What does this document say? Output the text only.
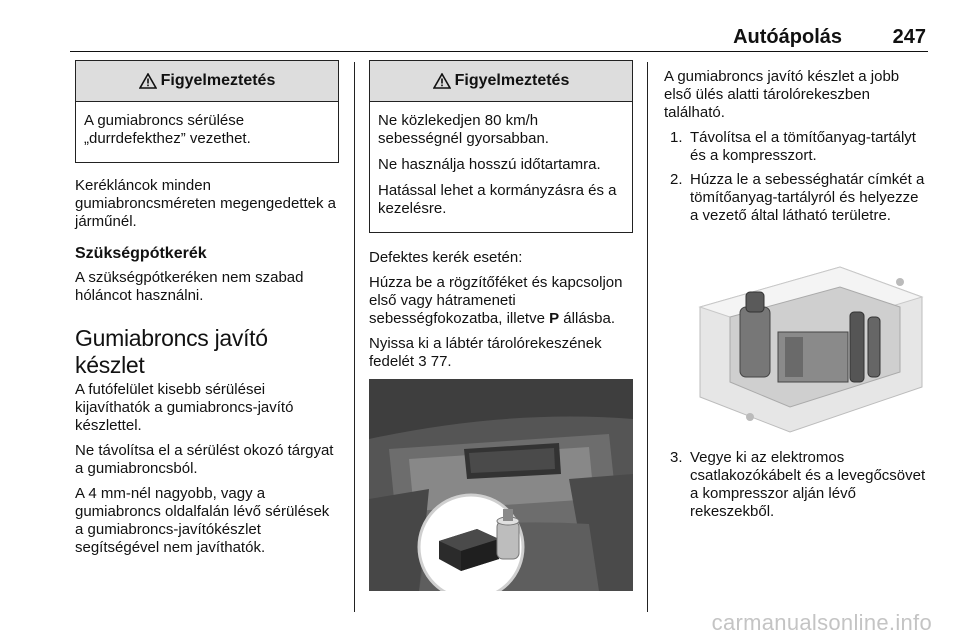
Autóápolás	247
Figyelmeztetés

A gumiabroncs sérülése „durrdefekthez” vezethet.

Kerékláncok minden gumiabroncsméreten megengedettek a járműnél.

Szükségpótkerék

A szükségpótkeréken nem szabad hóláncot használni.

Gumiabroncs javító készlet

A futófelület kisebb sérülései kijavíthatók a gumiabroncs-javító készlettel.

Ne távolítsa el a sérülést okozó tárgyat a gumiabroncsból.

A 4 mm-nél nagyobb, vagy a gumiabroncs oldalfalán lévő sérülések a gumiabroncs-javítókészlet segítségével nem javíthatók.

Figyelmeztetés

Ne közlekedjen 80 km/h sebességnél gyorsabban.

Ne használja hosszú időtartamra.

Hatással lehet a kormányzásra és a kezelésre.

Defektes kerék esetén:

Húzza be a rögzítőféket és kapcsoljon első vagy hátrameneti sebességfokozatba, illetve P állásba.

Nyissa ki a lábtér tárolórekeszének fedelét 3 77.

A gumiabroncs javító készlet a jobb első ülés alatti tárolórekeszben található.

1. Távolítsa el a tömítőanyag-tartályt és a kompresszort.
2. Húzza le a sebességhatár címkét a tömítőanyag-tartályról és helyezze a vezető által látható területre.
3. Vegye ki az elektromos csatlakozókábelt és a levegőcsövet a kompresszor alján lévő rekeszekből.
carmanualsonline.info
